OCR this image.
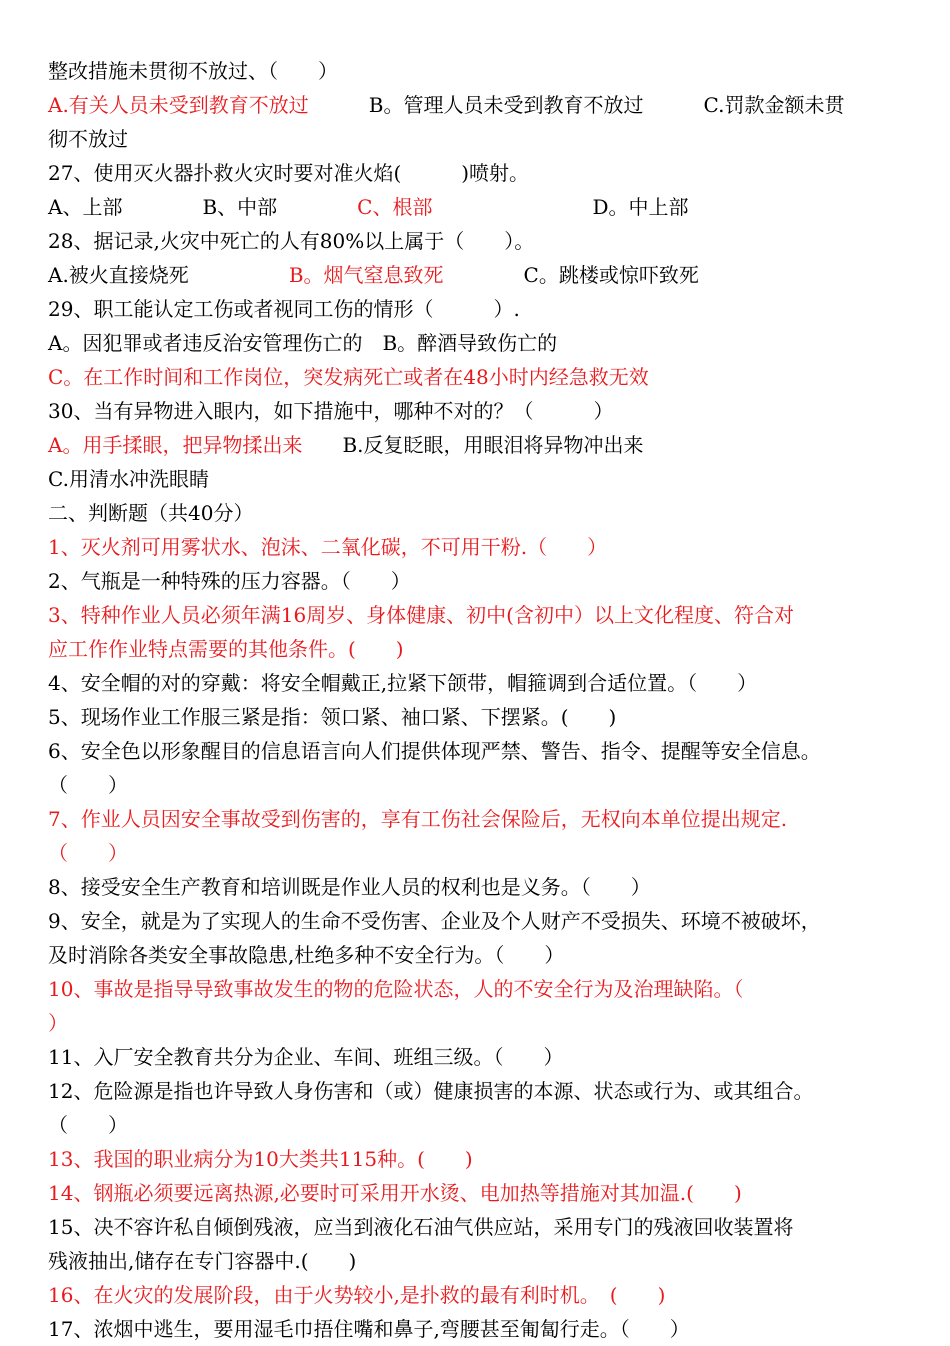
整改措施未贯彻不放过、（　　）
A.有关人员未受到教育不放过　　　B。管理人员未受到教育不放过　　　C.罚款金额未贯
彻不放过
27、使用灭火器扑救火灾时要对准火焰(　　　)喷射。
A、上部　　　　B、中部　　　　C、根部　　　　　　　　D。中上部
28、据记录,火灾中死亡的人有80%以上属于（　　）。
A.被火直接烧死　　　　　B。烟气窒息致死　　　　C。跳楼或惊吓致死
29、职工能认定工伤或者视同工伤的情形（　　　）.
A。因犯罪或者违反治安管理伤亡的　B。醉酒导致伤亡的
C。在工作时间和工作岗位，突发病死亡或者在48小时内经急救无效
30、当有异物进入眼内，如下措施中，哪种不对的？（　　　）
A。用手揉眼，把异物揉出来　　B.反复眨眼，用眼泪将异物冲出来
C.用清水冲洗眼睛
二、判断题（共40分）
1、灭火剂可用雾状水、泡沫、二氧化碳，不可用干粉.（　　）
2、气瓶是一种特殊的压力容器。（　　）
3、特种作业人员必须年满16周岁、身体健康、初中(含初中）以上文化程度、符合对
应工作作业特点需要的其他条件。(　　)
4、安全帽的对的穿戴：将安全帽戴正,拉紧下颌带，帽箍调到合适位置。（　　）
5、现场作业工作服三紧是指：领口紧、袖口紧、下摆紧。(　　)
6、安全色以形象醒目的信息语言向人们提供体现严禁、警告、指令、提醒等安全信息。
（　　）
7、作业人员因安全事故受到伤害的，享有工伤社会保险后，无权向本单位提出规定.
（　　）
8、接受安全生产教育和培训既是作业人员的权利也是义务。（　　）
9、安全，就是为了实现人的生命不受伤害、企业及个人财产不受损失、环境不被破坏，
及时消除各类安全事故隐患,杜绝多种不安全行为。（　　）
10、事故是指导导致事故发生的物的危险状态，人的不安全行为及治理缺陷。（
）
11、入厂安全教育共分为企业、车间、班组三级。（　　）
12、危险源是指也许导致人身伤害和（或）健康损害的本源、状态或行为、或其组合。
（　　）
13、我国的职业病分为10大类共115种。(　　)
14、钢瓶必须要远离热源,必要时可采用开水烫、电加热等措施对其加温.(　　)
15、决不容许私自倾倒残液，应当到液化石油气供应站，采用专门的残液回收装置将
残液抽出,储存在专门容器中.(　　)
16、在火灾的发展阶段，由于火势较小,是扑救的最有利时机。　(　　)
17、浓烟中逃生，要用湿毛巾捂住嘴和鼻子,弯腰甚至匍匐行走。（　　）
